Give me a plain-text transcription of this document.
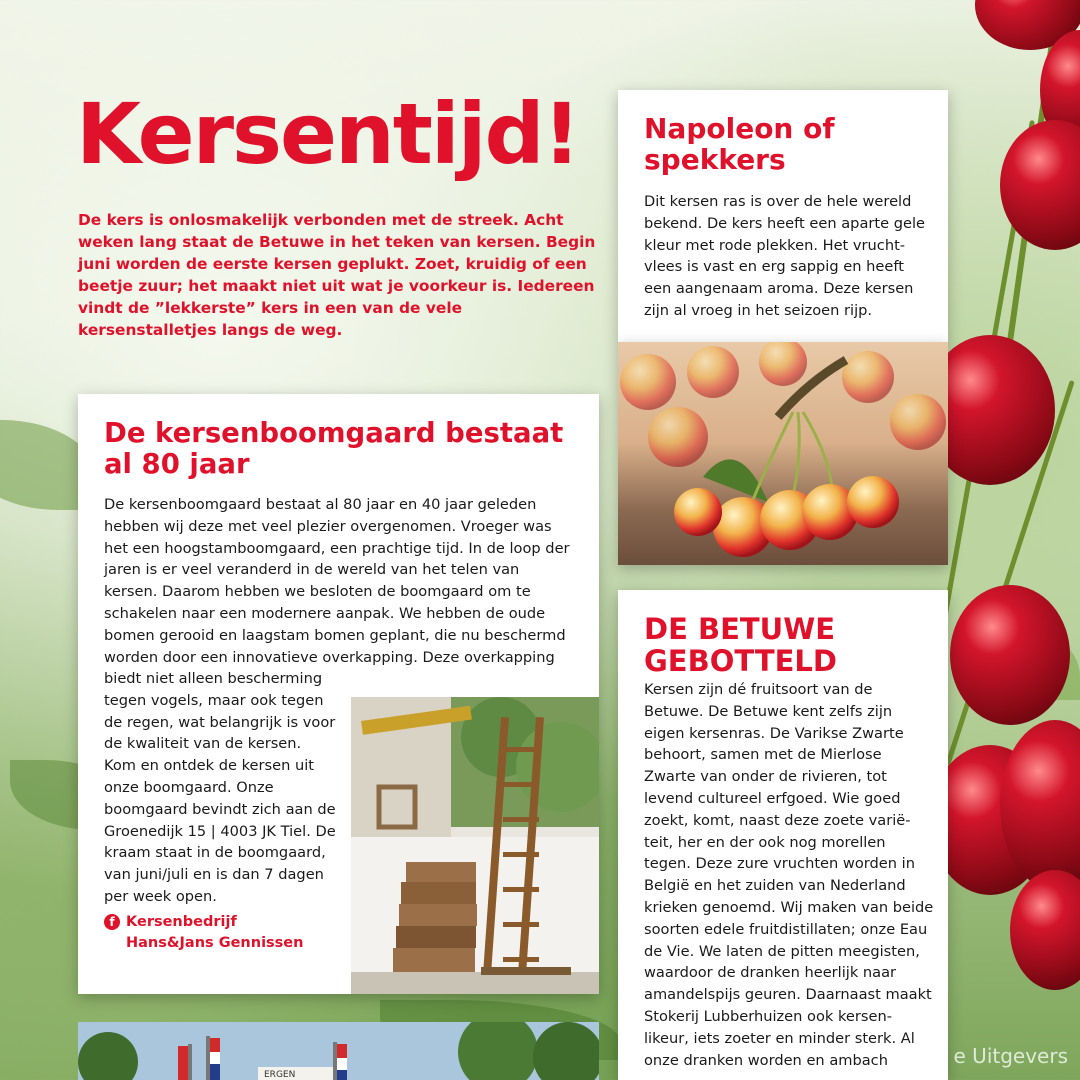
Kersentijd!

De kers is onlosmakelijk verbonden met de streek. Acht weken lang staat de Betuwe in het teken van kersen. Begin juni worden de eerste kersen geplukt. Zoet, kruidig of een beetje zuur; het maakt niet uit wat je voorkeur is. Iedereen vindt de ”lekkerste” kers in een van de vele kersenstalletjes langs de weg.

De kersenboomgaard bestaat al 80 jaar

De kersenboomgaard bestaat al 80 jaar en 40 jaar geleden hebben wij deze met veel plezier overgenomen. Vroeger was het een hoogstamboomgaard, een prachtige tijd. In de loop der jaren is er veel veranderd in de wereld van het telen van kersen. Daarom hebben we besloten de boomgaard om te schakelen naar een modernere aanpak. We hebben de oude bomen gerooid en laagstam bomen geplant, die nu beschermd worden door een innovatieve overkapping. Deze overkapping

biedt niet alleen bescherming tegen vogels, maar ook tegen de regen, wat belangrijk is voor de kwaliteit van de kersen. Kom en ontdek de kersen uit onze boomgaard. Onze boomgaard bevindt zich aan de Groenedijk 15 | 4003 JK Tiel. De kraam staat in de boomgaard, van juni/juli en is dan 7 dagen per week open.

f Kersenbedrijf Hans&Jans Gennissen
Napoleon of spekkers

Dit kersen ras is over de hele wereld bekend. De kers heeft een aparte gele kleur met rode plekken. Het vrucht-vlees is vast en erg sappig en heeft een aangenaam aroma. Deze kersen zijn al vroeg in het seizoen rijp.

DE BETUWE GEBOTTELD

Kersen zijn dé fruitsoort van de Betuwe. De Betuwe kent zelfs zijn eigen kersenras. De Varikse Zwarte behoort, samen met de Mierlose Zwarte van onder de rivieren, tot levend cultureel erfgoed. Wie goed zoekt, komt, naast deze zoete varië-teit, her en der ook nog morellen tegen. Deze zure vruchten worden in België en het zuiden van Nederland krieken genoemd. Wij maken van beide soorten edele fruitdistillaten; onze Eau de Vie. We laten de pitten meegisten, waardoor de dranken heerlijk naar amandelspijs geuren. Daarnaast maakt Stokerij Lubberhuizen ook kersen-likeur, iets zoeter en minder sterk. Al onze dranken worden en ambach

ERGEN
e Uitgevers
